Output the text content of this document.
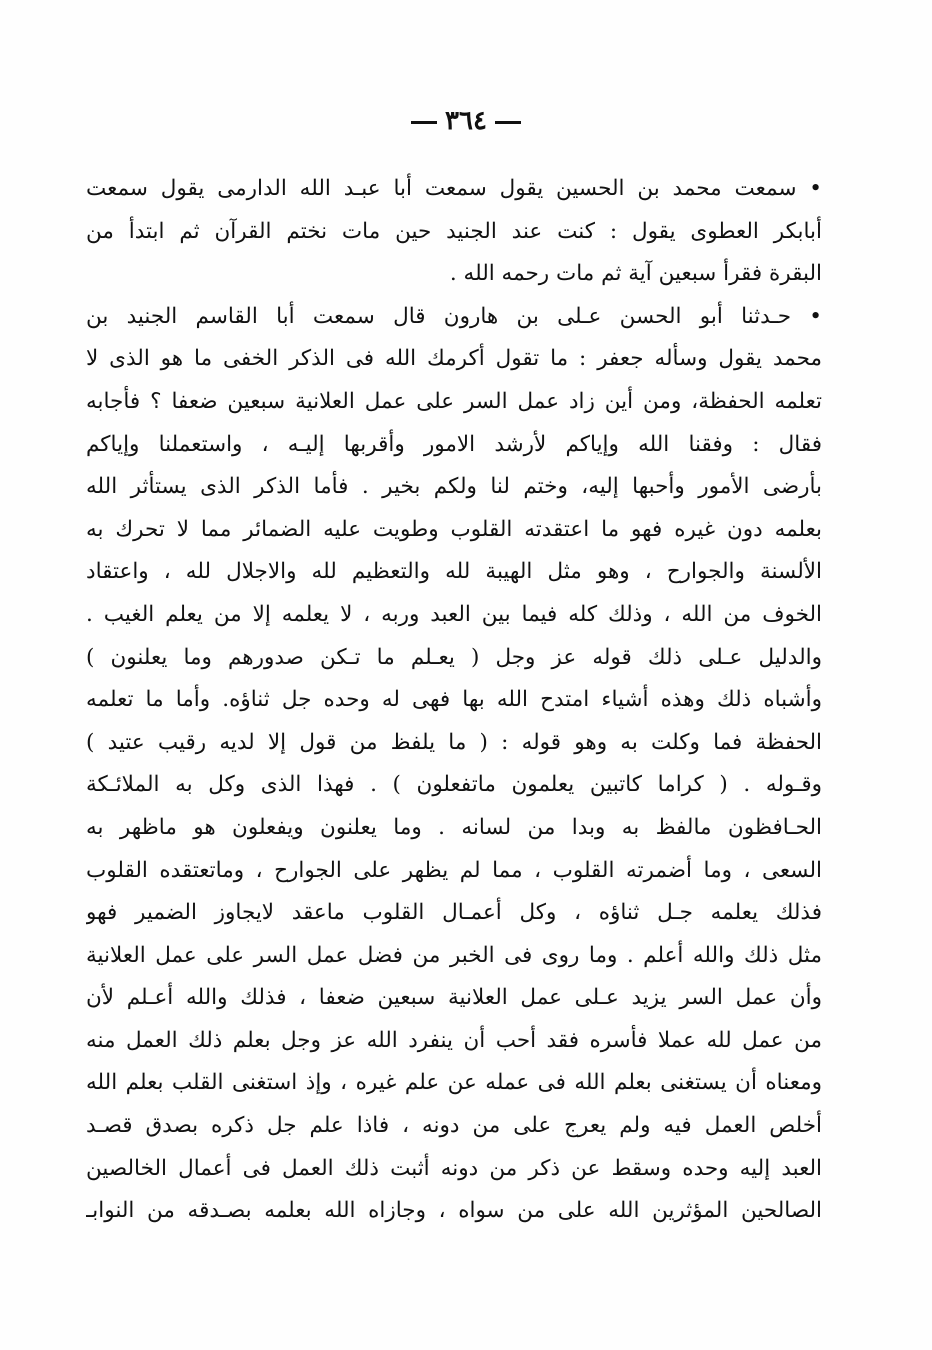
٣٦٤
• سمعت محمد بن الحسين يقول سمعت أبا عبـد الله الدارمى يقول سمعت
أبابكر العطوى يقول : كنت عند الجنيد حين مات نختم القرآن ثم ابتدأ من
البقرة فقرأ سبعين آية ثم مات رحمه الله .
• حـدثنا أبو الحسن عـلى بن هارون قال سمعت أبا القاسم الجنيد بن
محمد يقول وسأله جعفر : ما تقول أكرمك الله فى الذكر الخفى ما هو الذى لا
تعلمه الحفظة، ومن أين زاد عمل السر على عمل العلانية سبعين ضعفا ؟ فأجابه
فقال : وفقنا الله وإياكم لأرشد الامور وأقربها إليـه ، واستعملنا وإياكم
بأرضى الأمور وأحبها إليه، وختم لنا ولكم بخير . فأما الذكر الذى يستأثر الله
بعلمه دون غيره فهو ما اعتقدته القلوب وطويت عليه الضمائر مما لا تحرك به
الألسنة والجوارح ، وهو مثل الهيبة لله والتعظيم لله والاجلال لله ، واعتقاد
الخوف من الله ، وذلك كله فيما بين العبد وربه ، لا يعلمه إلا من يعلم الغيب .
والدليل عـلى ذلك قوله عز وجل ( يعـلم ما تـكن صدورهم وما يعلنون )
وأشباه ذلك وهذه أشياء امتدح الله بها فهى له وحده جل ثناؤه. وأما ما تعلمه
الحفظة فما وكلت به وهو قوله : ( ما يلفظ من قول إلا لديه رقيب عتيد )
وقـوله . ( كراما كاتبين يعلمون ماتفعلون ) . فهذا الذى وكل به الملائـكة
الحـافظون مالفظ به وبدا من لسانه . وما يعلنون ويفعلون هو ماظهر به
السعى ، وما أضمرته القلوب ، مما لم يظهر على الجوارح ، وماتعتقده القلوب
فذلك يعلمه جـل ثناؤه ، وكل أعمـال القلوب ماعقد لايجاوز الضمير فهو
مثل ذلك والله أعلم . وما روى فى الخبر من فضل عمل السر على عمل العلانية
وأن عمل السر يزيد عـلى عمل العلانية سبعين ضعفا ، فذلك والله أعـلم لأن
من عمل لله عملا فأسره فقد أحب أن ينفرد الله عز وجل بعلم ذلك العمل منه
ومعناه أن يستغنى بعلم الله فى عمله عن علم غيره ، وإذ استغنى القلب بعلم الله
أخلص العمل فيه ولم يعرج على من دونه ، فاذا علم جل ذكره بصدق قصـد
العبد إليه وحده وسقط عن ذكر من دونه أثبت ذلك العمل فى أعمال الخالصين
الصالحين المؤثرين الله على من سواه ، وجازاه الله بعلمه بصـدقه من النوابـ
